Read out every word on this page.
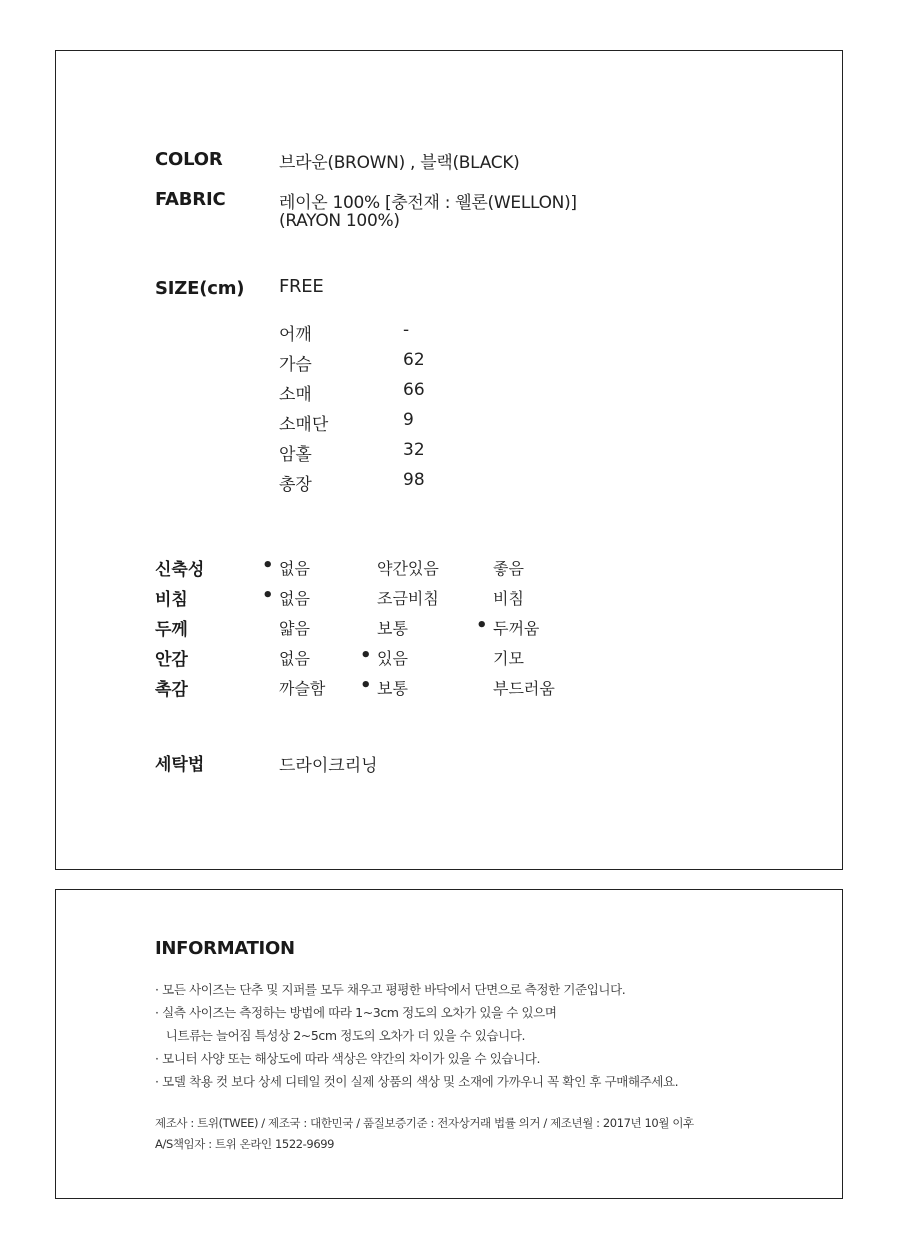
COLOR	브라운(BROWN) , 블랙(BLACK)
FABRIC	레이온 100% [충전재 : 웰론(WELLON)]
(RAYON 100%)
SIZE(cm) FREE
어깨	-
가슴	62
소매	66
소매단	9
암홀	32
총장	98
신축성	• 없음	약간있음	좋음
비침	• 없음	조금비침	비침
두께	얇음	보통	• 두꺼움
안감	없음	• 있음	기모
촉감	까슬함	• 보통	부드러움
세탁법	드라이크리닝
INFORMATION
· 모든 사이즈는 단추 및 지퍼를 모두 채우고 평평한 바닥에서 단면으로 측정한 기준입니다.
· 실측 사이즈는 측정하는 방법에 따라 1~3cm 정도의 오차가 있을 수 있으며
니트류는 늘어짐 특성상 2~5cm 정도의 오차가 더 있을 수 있습니다.
· 모니터 사양 또는 해상도에 따라 색상은 약간의 차이가 있을 수 있습니다.
· 모델 착용 컷 보다 상세 디테일 컷이 실제 상품의 색상 및 소재에 가까우니 꼭 확인 후 구매해주세요.
제조사 : 트위(TWEE) / 제조국 : 대한민국 / 품질보증기준 : 전자상거래 법률 의거 / 제조년월 : 2017년 10월 이후
A/S책임자 : 트위 온라인 1522-9699
